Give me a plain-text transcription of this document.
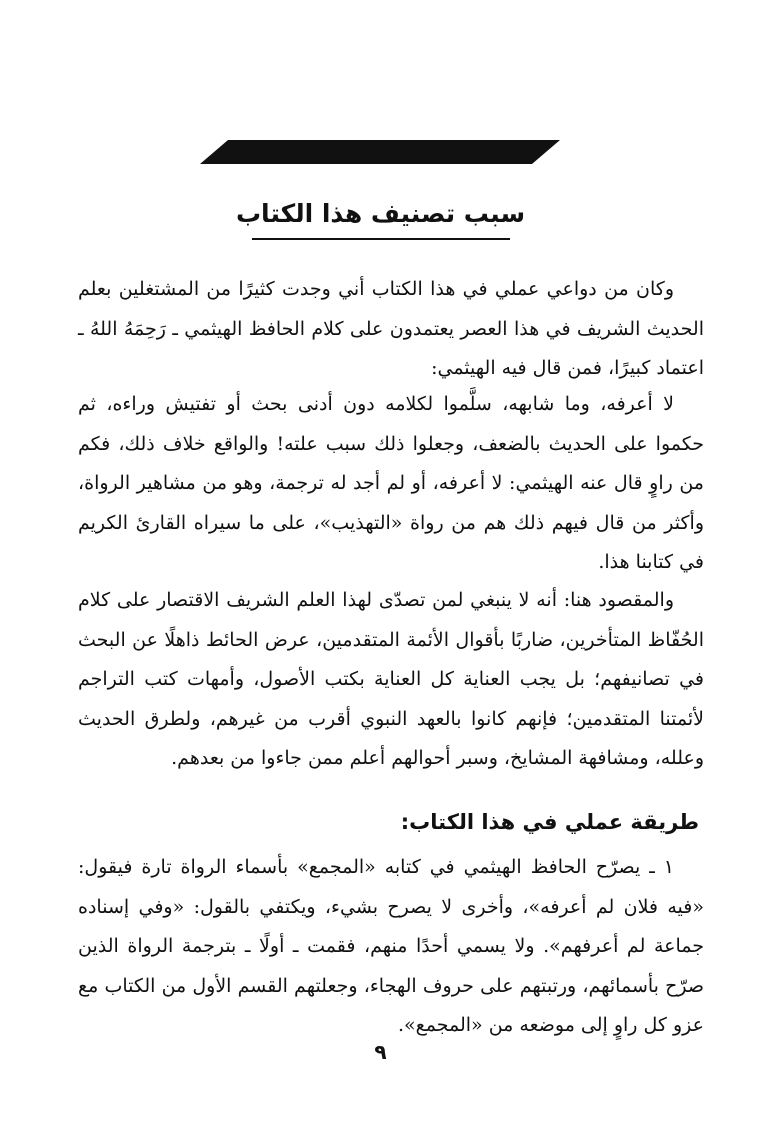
سبب تصنيف هذا الكتاب

وكان من دواعي عملي في هذا الكتاب أني وجدت كثيرًا من المشتغلين بعلم الحديث الشريف في هذا العصر يعتمدون على كلام الحافظ الهيثمي ـ رَحِمَهُ اللهُ ـ اعتماد كبيرًا، فمن قال فيه الهيثمي:

لا أعرفه، وما شابهه، سلَّموا لكلامه دون أدنى بحث أو تفتيش وراءه، ثم حكموا على الحديث بالضعف، وجعلوا ذلك سبب علته! والواقع خلاف ذلك، فكم من راوٍ قال عنه الهيثمي: لا أعرفه، أو لم أجد له ترجمة، وهو من مشاهير الرواة، وأكثر من قال فيهم ذلك هم من رواة «التهذيب»، على ما سيراه القارئ الكريم في كتابنا هذا.

والمقصود هنا: أنه لا ينبغي لمن تصدّى لهذا العلم الشريف الاقتصار على كلام الحُفّاظ المتأخرين، ضاربًا بأقوال الأئمة المتقدمين، عرض الحائط ذاهلًا عن البحث في تصانيفهم؛ بل يجب العناية كل العناية بكتب الأصول، وأمهات كتب التراجم لأئمتنا المتقدمين؛ فإنهم كانوا بالعهد النبوي أقرب من غيرهم، ولطرق الحديث وعلله، ومشافهة المشايخ، وسبر أحوالهم أعلم ممن جاءوا من بعدهم.

طريقة عملي في هذا الكتاب:

١ ـ يصرّح الحافظ الهيثمي في كتابه «المجمع» بأسماء الرواة تارة فيقول: «فيه فلان لم أعرفه»، وأخرى لا يصرح بشيء، ويكتفي بالقول: «وفي إسناده جماعة لم أعرفهم». ولا يسمي أحدًا منهم، فقمت ـ أولًا ـ بترجمة الرواة الذين صرّح بأسمائهم، ورتبتهم على حروف الهجاء، وجعلتهم القسم الأول من الكتاب مع عزو كل راوٍ إلى موضعه من «المجمع».

٩
